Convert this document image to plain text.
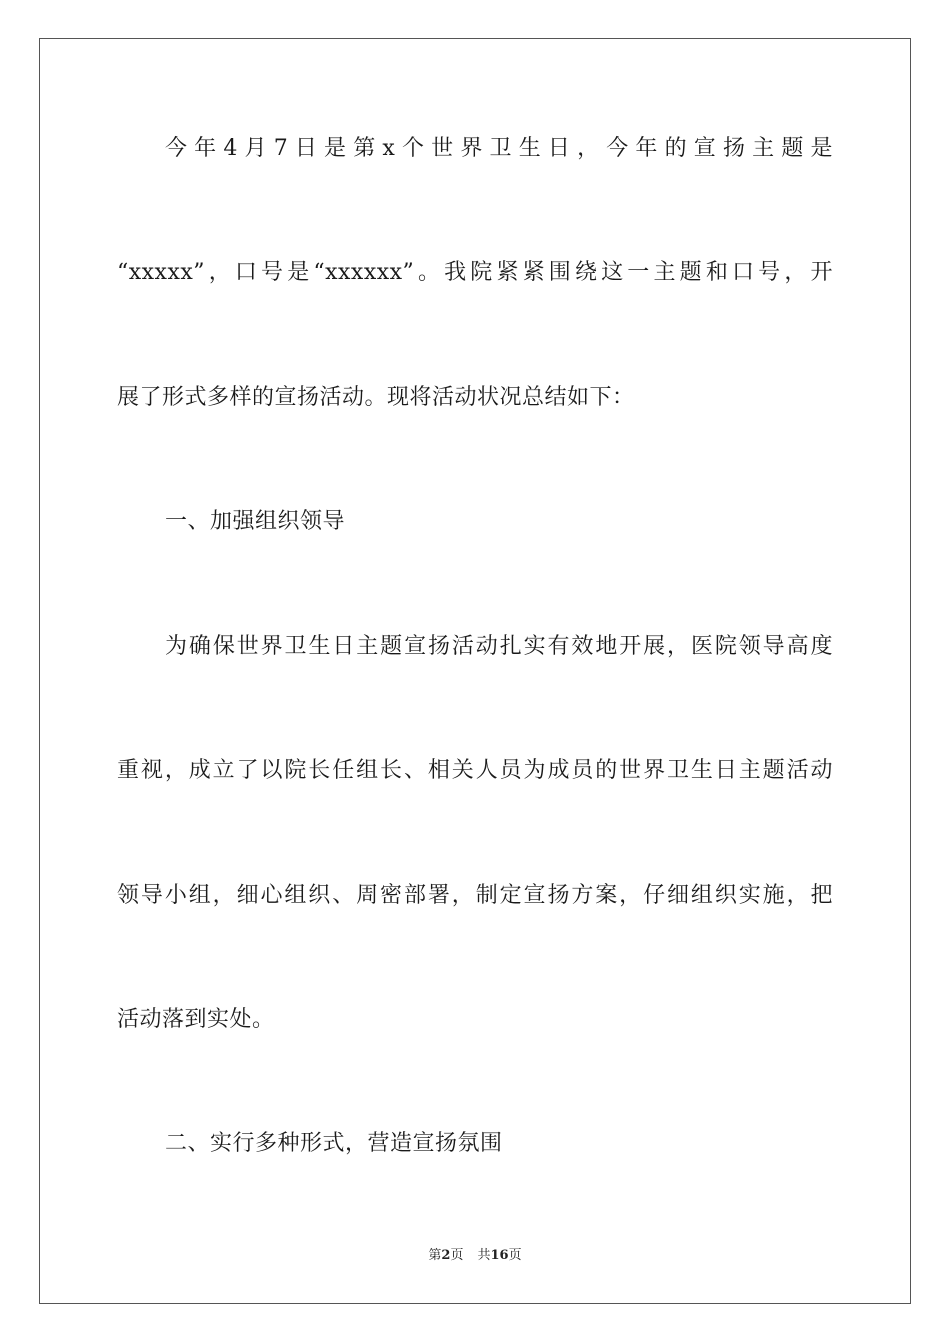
今年4月7日是第x个世界卫生日，今年的宣扬主题是
“xxxxx”，口号是“xxxxxx”。我院紧紧围绕这一主题和口号，开
展了形式多样的宣扬活动。现将活动状况总结如下：
一、加强组织领导
为确保世界卫生日主题宣扬活动扎实有效地开展，医院领导高度
重视，成立了以院长任组长、相关人员为成员的世界卫生日主题活动
领导小组，细心组织、周密部署，制定宣扬方案，仔细组织实施，把
活动落到实处。
二、实行多种形式，营造宣扬氛围
第2页 共16页
